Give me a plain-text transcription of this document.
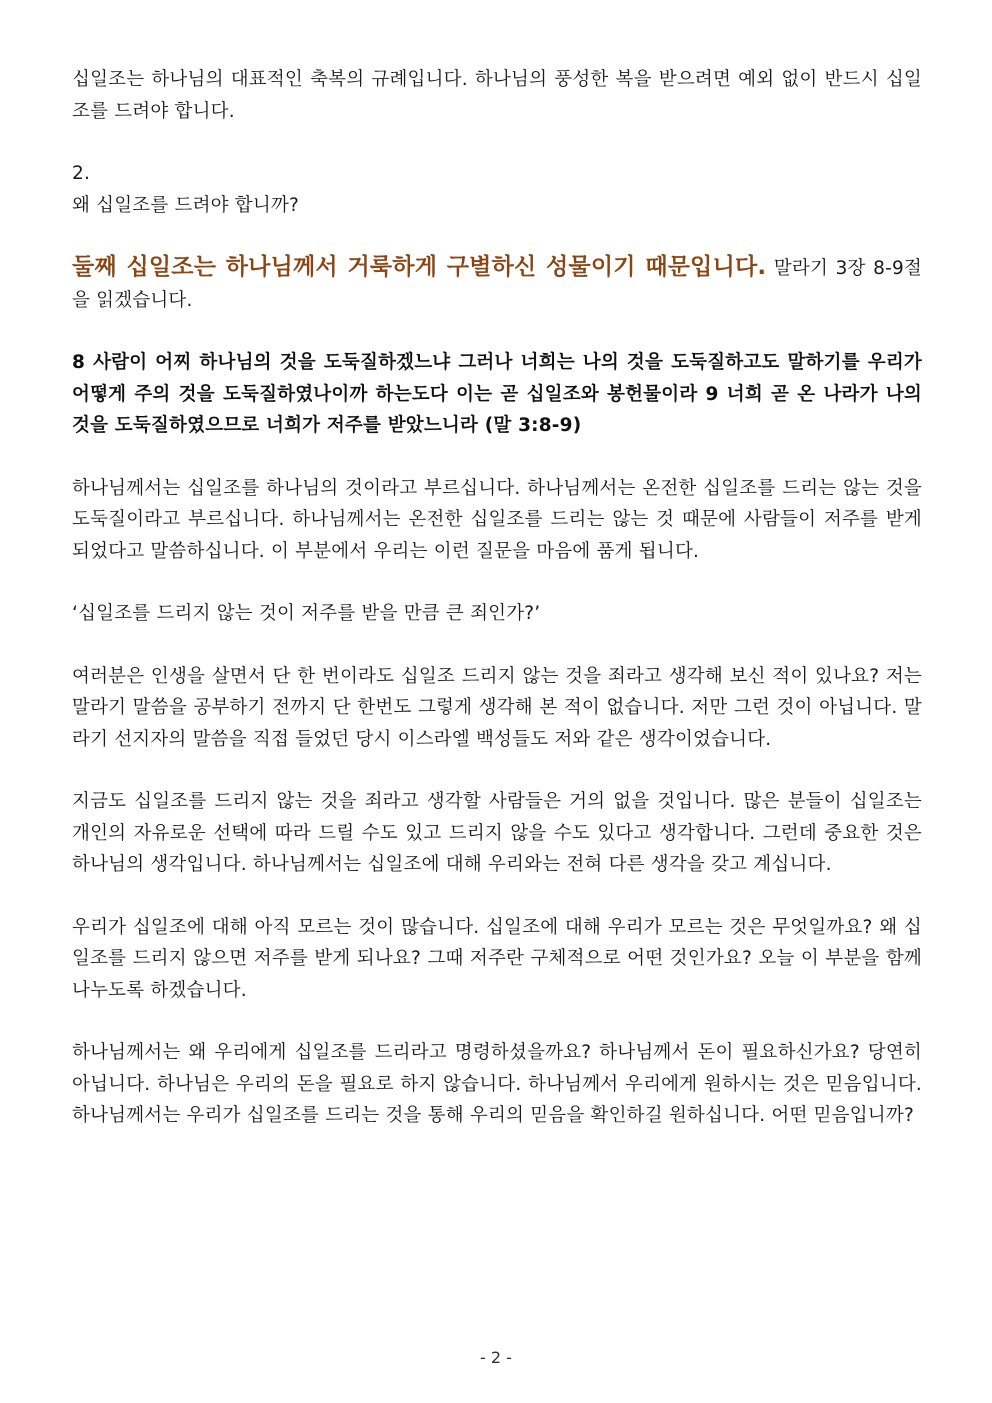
십일조는 하나님의 대표적인 축복의 규례입니다. 하나님의 풍성한 복을 받으려면 예외 없이 반드시 십일조를 드려야 합니다.

2.

왜 십일조를 드려야 합니까?

둘째 십일조는 하나님께서 거룩하게 구별하신 성물이기 때문입니다. 말라기 3장 8-9절을 읽겠습니다.

8 사람이 어찌 하나님의 것을 도둑질하겠느냐 그러나 너희는 나의 것을 도둑질하고도 말하기를 우리가 어떻게 주의 것을 도둑질하였나이까 하는도다 이는 곧 십일조와 봉헌물이라 9 너희 곧 온 나라가 나의 것을 도둑질하였으므로 너희가 저주를 받았느니라 (말 3:8-9)

하나님께서는 십일조를 하나님의 것이라고 부르십니다. 하나님께서는 온전한 십일조를 드리는 않는 것을 도둑질이라고 부르십니다. 하나님께서는 온전한 십일조를 드리는 않는 것 때문에 사람들이 저주를 받게 되었다고 말씀하십니다. 이 부분에서 우리는 이런 질문을 마음에 품게 됩니다.

‘십일조를 드리지 않는 것이 저주를 받을 만큼 큰 죄인가?’

여러분은 인생을 살면서 단 한 번이라도 십일조 드리지 않는 것을 죄라고 생각해 보신 적이 있나요? 저는 말라기 말씀을 공부하기 전까지 단 한번도 그렇게 생각해 본 적이 없습니다. 저만 그런 것이 아닙니다. 말라기 선지자의 말씀을 직접 들었던 당시 이스라엘 백성들도 저와 같은 생각이었습니다.

지금도 십일조를 드리지 않는 것을 죄라고 생각할 사람들은 거의 없을 것입니다. 많은 분들이 십일조는 개인의 자유로운 선택에 따라 드릴 수도 있고 드리지 않을 수도 있다고 생각합니다. 그런데 중요한 것은 하나님의 생각입니다. 하나님께서는 십일조에 대해 우리와는 전혀 다른 생각을 갖고 계십니다.

우리가 십일조에 대해 아직 모르는 것이 많습니다. 십일조에 대해 우리가 모르는 것은 무엇일까요? 왜 십일조를 드리지 않으면 저주를 받게 되나요? 그때 저주란 구체적으로 어떤 것인가요? 오늘 이 부분을 함께 나누도록 하겠습니다.

하나님께서는 왜 우리에게 십일조를 드리라고 명령하셨을까요? 하나님께서 돈이 필요하신가요? 당연히 아닙니다. 하나님은 우리의 돈을 필요로 하지 않습니다. 하나님께서 우리에게 원하시는 것은 믿음입니다. 하나님께서는 우리가 십일조를 드리는 것을 통해 우리의 믿음을 확인하길 원하십니다. 어떤 믿음입니까?

- 2 -
